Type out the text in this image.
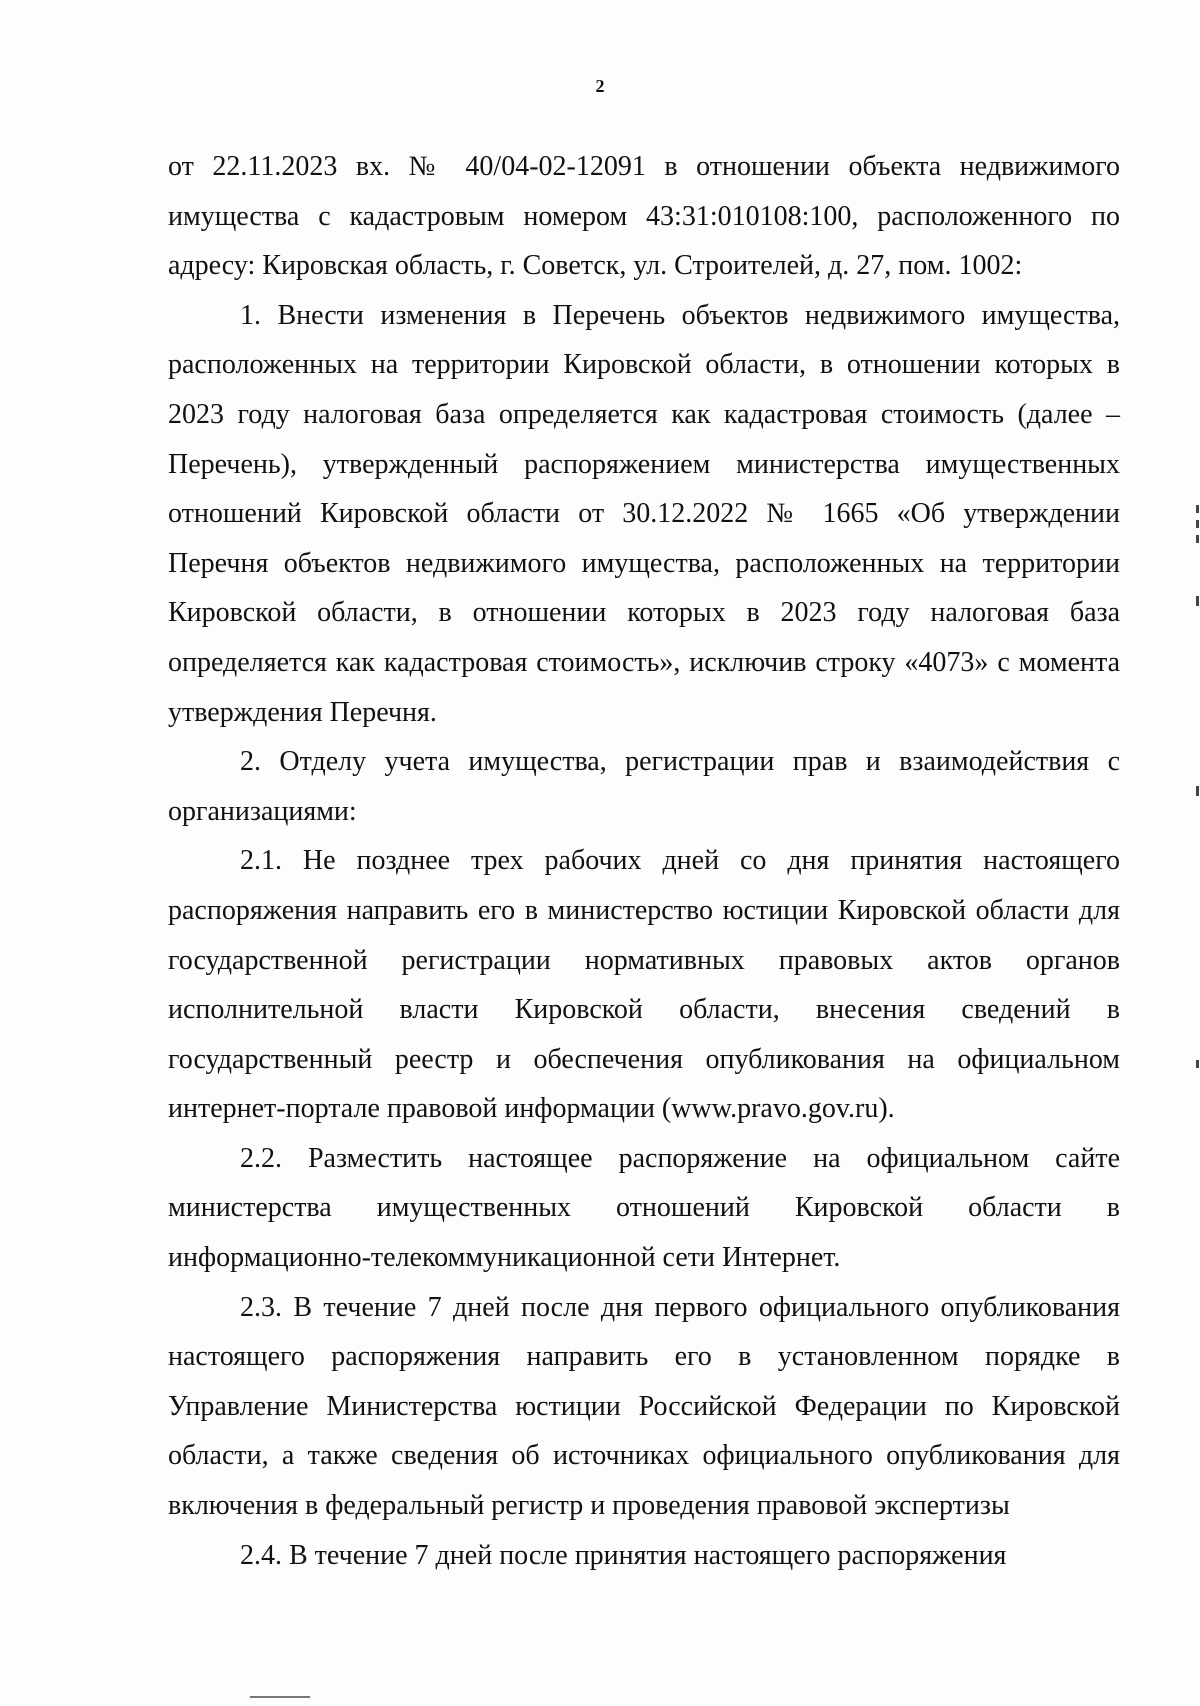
2

от 22.11.2023 вх. № 40/04-02-12091 в отношении объекта недвижимого имущества с кадастровым номером 43:31:010108:100, расположенного по адресу: Кировская область, г. Советск, ул. Строителей, д. 27, пом. 1002:

1. Внести изменения в Перечень объектов недвижимого имущества, расположенных на территории Кировской области, в отношении которых в 2023 году налоговая база определяется как кадастровая стоимость (далее – Перечень), утвержденный распоряжением министерства имущественных отношений Кировской области от 30.12.2022 № 1665 «Об утверждении Перечня объектов недвижимого имущества, расположенных на территории Кировской области, в отношении которых в 2023 году налоговая база определяется как кадастровая стоимость», исключив строку «4073» с момента утверждения Перечня.

2. Отделу учета имущества, регистрации прав и взаимодействия с организациями:

2.1. Не позднее трех рабочих дней со дня принятия настоящего распоряжения направить его в министерство юстиции Кировской области для государственной регистрации нормативных правовых актов органов исполнительной власти Кировской области, внесения сведений в государственный реестр и обеспечения опубликования на официальном интернет-портале правовой информации (www.pravo.gov.ru).

2.2. Разместить настоящее распоряжение на официальном сайте министерства имущественных отношений Кировской области в информационно-телекоммуникационной сети Интернет.

2.3. В течение 7 дней после дня первого официального опубликования настоящего распоряжения направить его в установленном порядке в Управление Министерства юстиции Российской Федерации по Кировской области, а также сведения об источниках официального опубликования для включения в федеральный регистр и проведения правовой экспертизы

2.4. В течение 7 дней после принятия настоящего распоряжения
